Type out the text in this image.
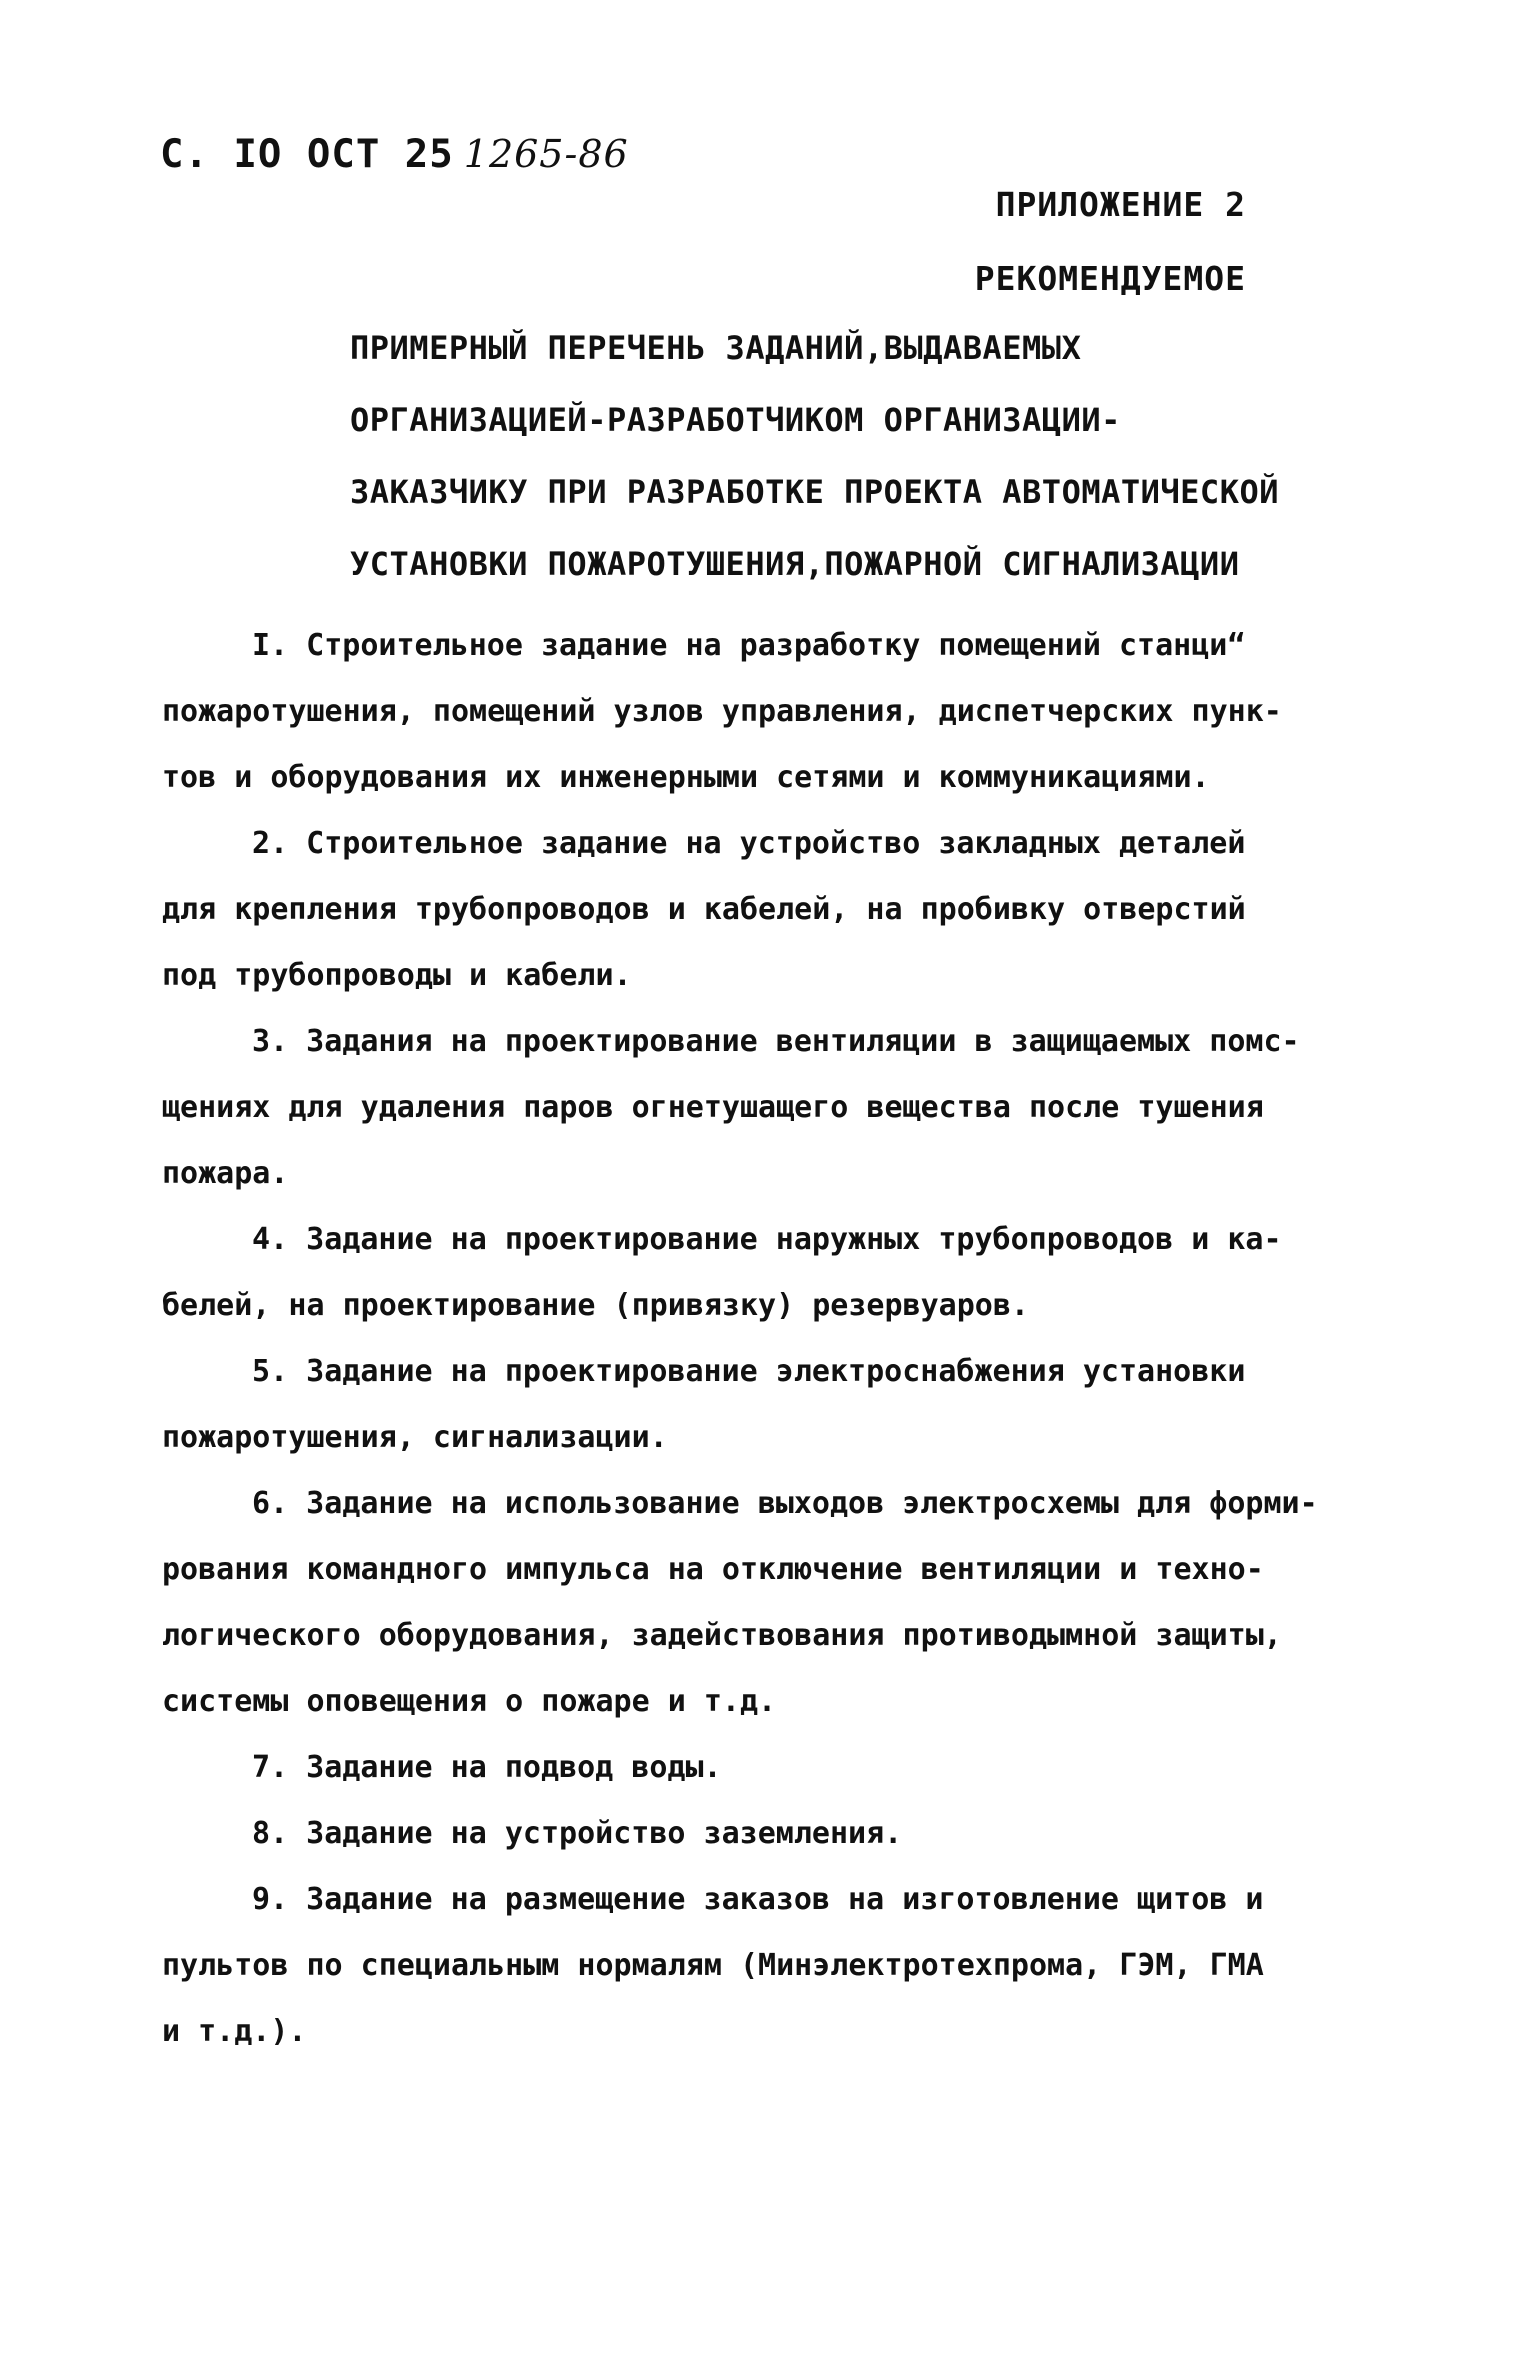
С. IO ОСТ 25 1265-86
ПРИЛОЖЕНИЕ 2
РЕКОМЕНДУЕМОЕ
ПРИМЕРНЫЙ ПЕРЕЧЕНЬ ЗАДАНИЙ,ВЫДАВАЕМЫХ
ОРГАНИЗАЦИЕЙ-РАЗРАБОТЧИКОМ ОРГАНИЗАЦИИ-
ЗАКАЗЧИКУ ПРИ РАЗРАБОТКЕ ПРОЕКТА АВТОМАТИЧЕСКОЙ
УСТАНОВКИ ПОЖАРОТУШЕНИЯ,ПОЖАРНОЙ СИГНАЛИЗАЦИИ

I. Строительное задание на разработку помещений станци“
пожаротушения, помещений узлов управления, диспетчерских пунк-
тов и оборудования их инженерными сетями и коммуникациями.

2. Строительное задание на устройство закладных деталей
для крепления трубопроводов и кабелей, на пробивку отверстий
под трубопроводы и кабели.

3. Задания на проектирование вентиляции в защищаемых помс-
щениях для удаления паров огнетушащего вещества после тушения
пожара.

4. Задание на проектирование наружных трубопроводов и ка-
белей, на проектирование (привязку) резервуаров.

5. Задание на проектирование электроснабжения установки
пожаротушения, сигнализации.

6. Задание на использование выходов электросхемы для форми-
рования командного импульса на отключение вентиляции и техно-
логического оборудования, задействования противодымной защиты,
системы оповещения о пожаре и т.д.

7. Задание на подвод воды.

8. Задание на устройство заземления.

9. Задание на размещение заказов на изготовление щитов и
пультов по специальным нормалям (Минэлектротехпрома, ГЭМ, ГМА
и т.д.).
